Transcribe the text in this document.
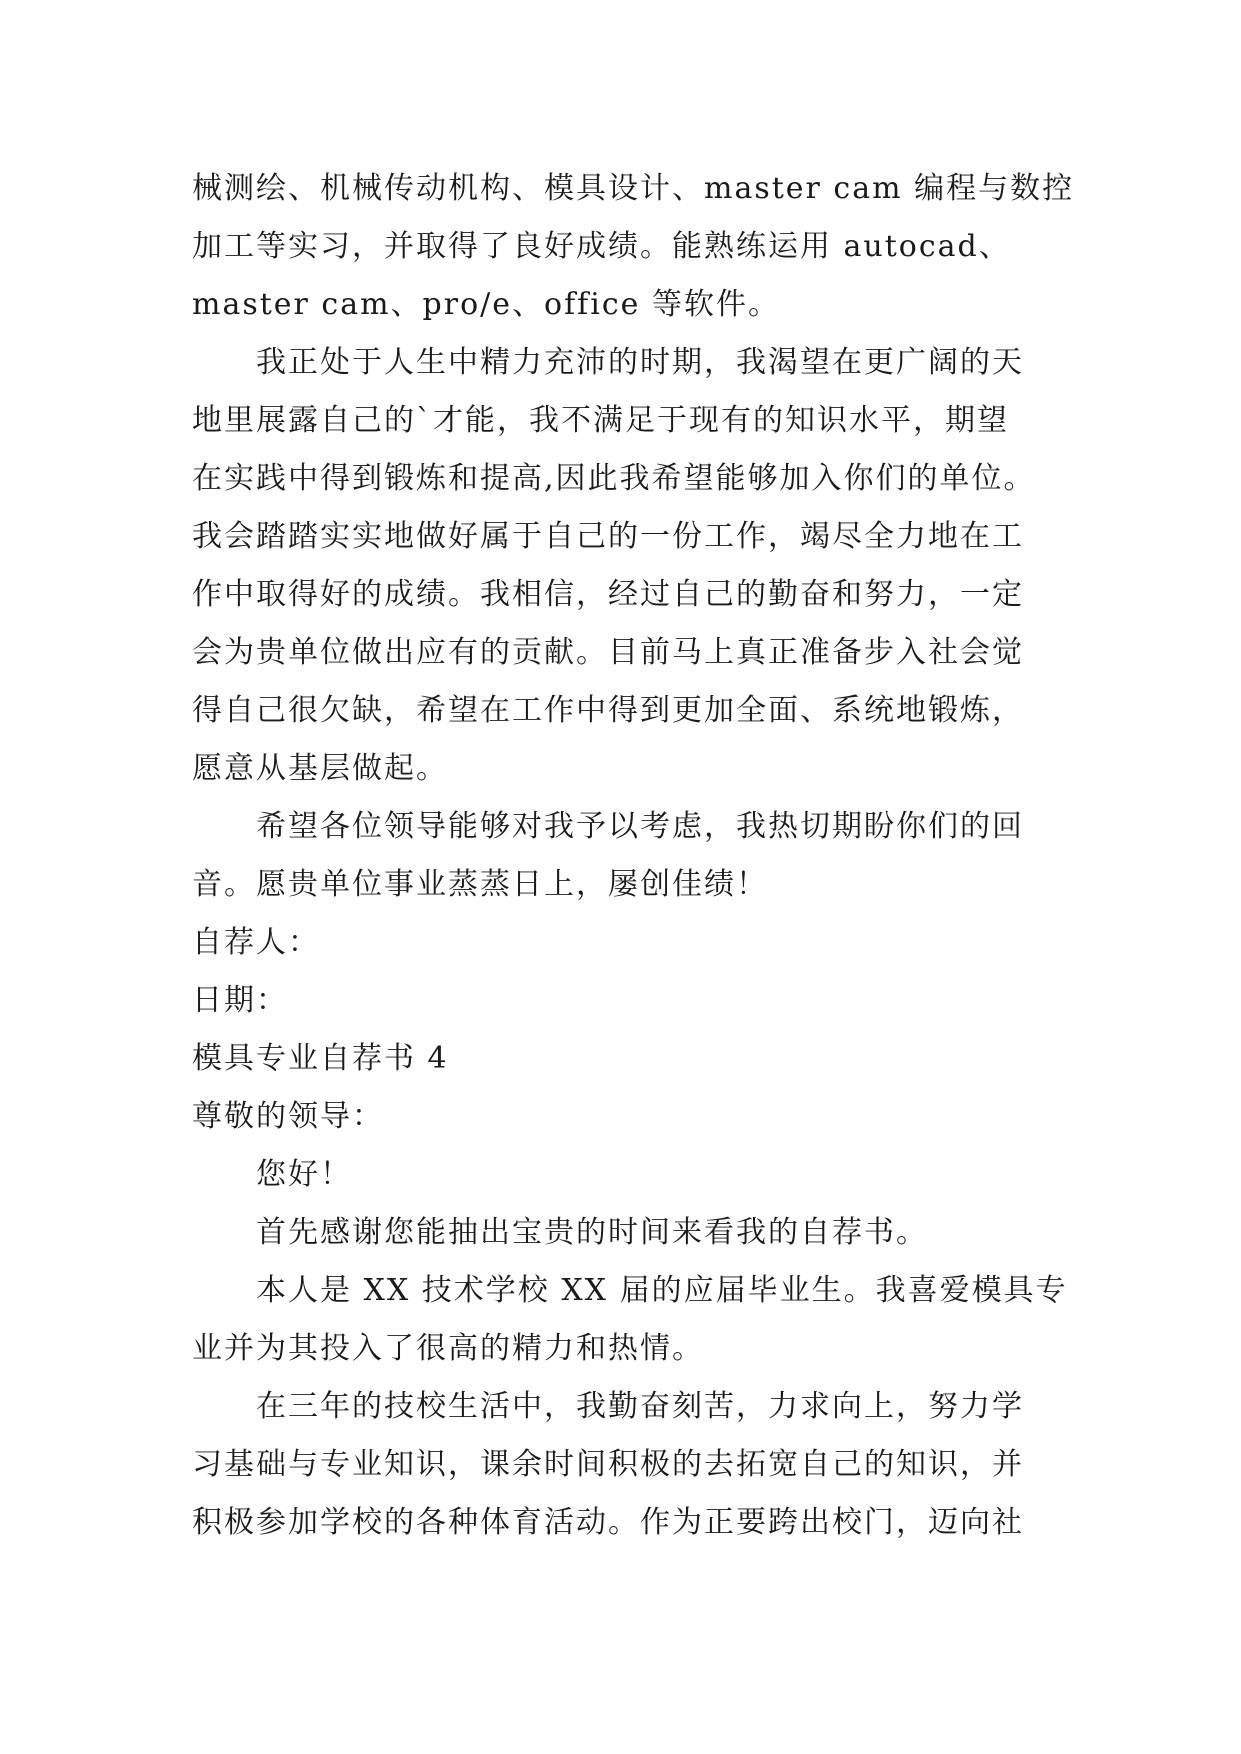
械测绘、机械传动机构、模具设计、master cam 编程与数控
加工等实习，并取得了良好成绩。能熟练运用 autocad、
master cam、pro/e、office 等软件。
我正处于人生中精力充沛的时期，我渴望在更广阔的天
地里展露自己的`才能，我不满足于现有的知识水平，期望
在实践中得到锻炼和提高,因此我希望能够加入你们的单位。
我会踏踏实实地做好属于自己的一份工作，竭尽全力地在工
作中取得好的成绩。我相信，经过自己的勤奋和努力，一定
会为贵单位做出应有的贡献。目前马上真正准备步入社会觉
得自己很欠缺，希望在工作中得到更加全面、系统地锻炼，
愿意从基层做起。
希望各位领导能够对我予以考虑，我热切期盼你们的回
音。愿贵单位事业蒸蒸日上，屡创佳绩！
自荐人：
日期：
模具专业自荐书 4
尊敬的领导：
您好！
首先感谢您能抽出宝贵的时间来看我的自荐书。
本人是 XX 技术学校 XX 届的应届毕业生。我喜爱模具专
业并为其投入了很高的精力和热情。
在三年的技校生活中，我勤奋刻苦，力求向上，努力学
习基础与专业知识，课余时间积极的去拓宽自己的知识，并
积极参加学校的各种体育活动。作为正要跨出校门，迈向社
